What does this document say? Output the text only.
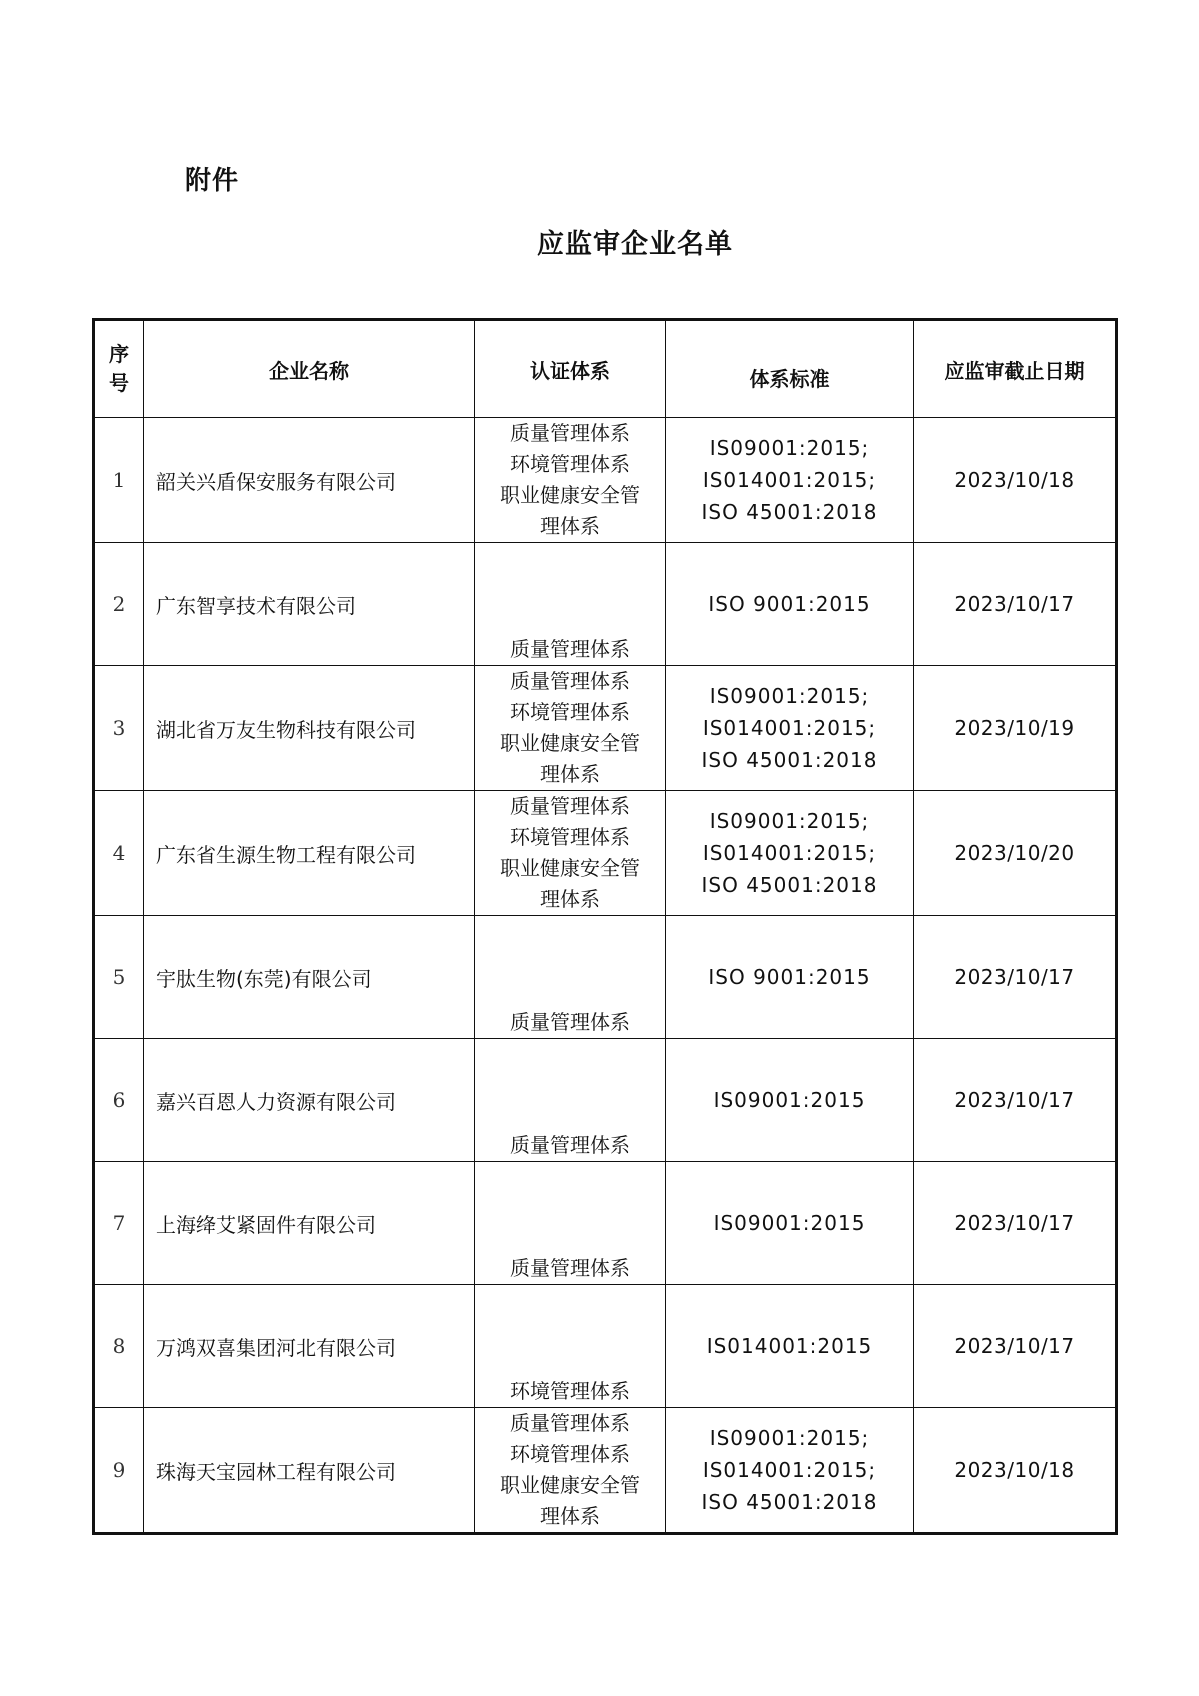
附件
应监审企业名单
序号	企业名称	认证体系	体系标准	应监审截止日期
1	韶关兴盾保安服务有限公司	质量管理体系
环境管理体系
职业健康安全管
理体系	IS09001:2015;
IS014001:2015;
ISO 45001:2018	2023/10/18
2	广东智享技术有限公司	质量管理体系	ISO 9001:2015	2023/10/17
3	湖北省万友生物科技有限公司	质量管理体系
环境管理体系
职业健康安全管
理体系	IS09001:2015;
IS014001:2015;
ISO 45001:2018	2023/10/19
4	广东省生源生物工程有限公司	质量管理体系
环境管理体系
职业健康安全管
理体系	IS09001:2015;
IS014001:2015;
ISO 45001:2018	2023/10/20
5	宇肽生物(东莞)有限公司	质量管理体系	ISO 9001:2015	2023/10/17
6	嘉兴百恩人力资源有限公司	质量管理体系	IS09001:2015	2023/10/17
7	上海绛艾紧固件有限公司	质量管理体系	IS09001:2015	2023/10/17
8	万鸿双喜集团河北有限公司	环境管理体系	IS014001:2015	2023/10/17
9	珠海天宝园林工程有限公司	质量管理体系
环境管理体系
职业健康安全管
理体系	IS09001:2015;
IS014001:2015;
ISO 45001:2018	2023/10/18
